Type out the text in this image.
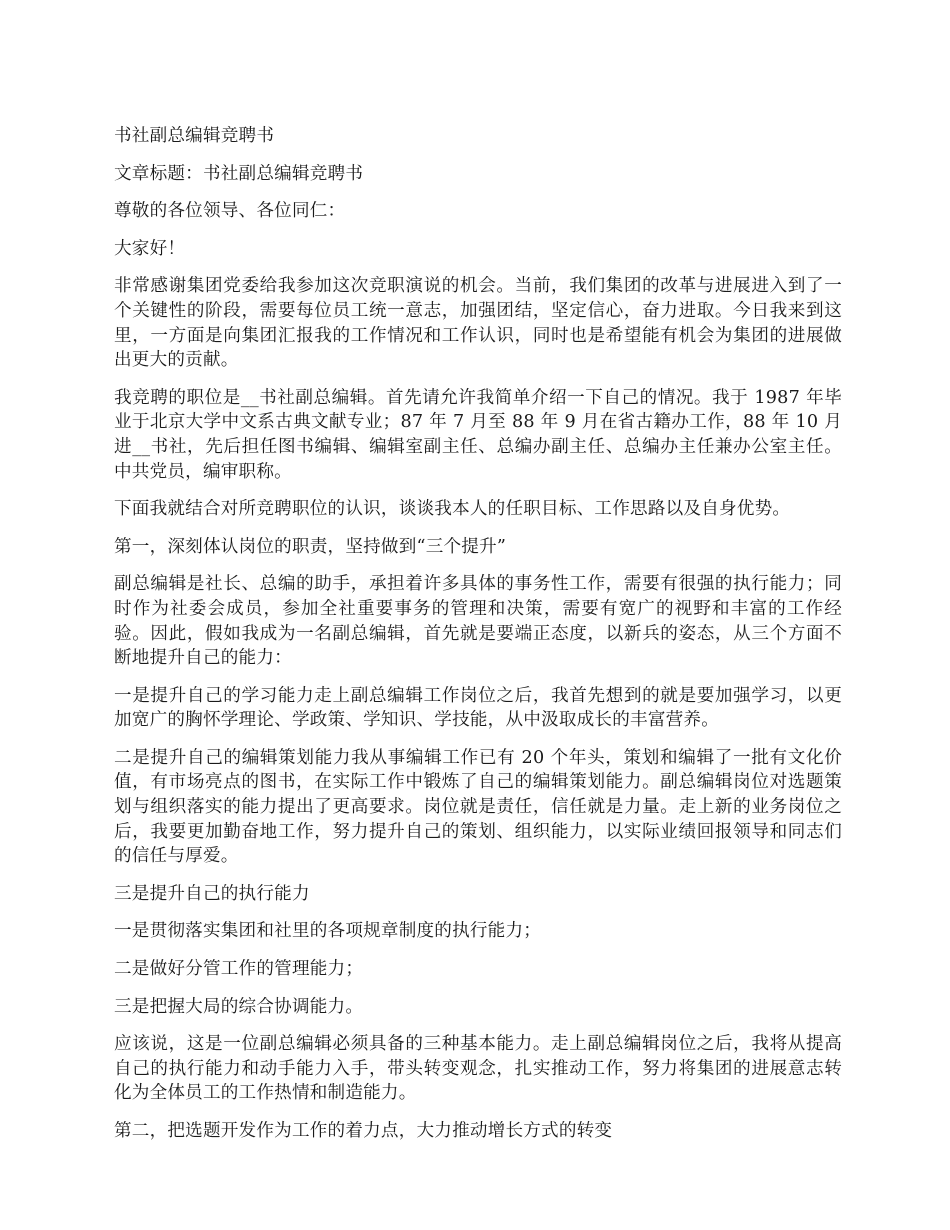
书社副总编辑竞聘书

文章标题：书社副总编辑竞聘书

尊敬的各位领导、各位同仁：

大家好！

非常感谢集团党委给我参加这次竞职演说的机会。当前，我们集团的改革与进展进入到了一个关键性的阶段，需要每位员工统一意志，加强团结，坚定信心，奋力进取。今日我来到这里，一方面是向集团汇报我的工作情况和工作认识，同时也是希望能有机会为集团的进展做出更大的贡献。

我竞聘的职位是__书社副总编辑。首先请允许我简单介绍一下自己的情况。我于 1987 年毕业于北京大学中文系古典文献专业；87 年 7 月至 88 年 9 月在省古籍办工作，88 年 10 月进__书社，先后担任图书编辑、编辑室副主任、总编办副主任、总编办主任兼办公室主任。中共党员，编审职称。

下面我就结合对所竞聘职位的认识，谈谈我本人的任职目标、工作思路以及自身优势。

第一，深刻体认岗位的职责，坚持做到“三个提升”

副总编辑是社长、总编的助手，承担着许多具体的事务性工作，需要有很强的执行能力；同时作为社委会成员，参加全社重要事务的管理和决策，需要有宽广的视野和丰富的工作经验。因此，假如我成为一名副总编辑，首先就是要端正态度，以新兵的姿态，从三个方面不断地提升自己的能力：

一是提升自己的学习能力走上副总编辑工作岗位之后，我首先想到的就是要加强学习，以更加宽广的胸怀学理论、学政策、学知识、学技能，从中汲取成长的丰富营养。

二是提升自己的编辑策划能力我从事编辑工作已有 20 个年头，策划和编辑了一批有文化价值，有市场亮点的图书，在实际工作中锻炼了自己的编辑策划能力。副总编辑岗位对选题策划与组织落实的能力提出了更高要求。岗位就是责任，信任就是力量。走上新的业务岗位之后，我要更加勤奋地工作，努力提升自己的策划、组织能力，以实际业绩回报领导和同志们的信任与厚爱。

三是提升自己的执行能力

一是贯彻落实集团和社里的各项规章制度的执行能力；

二是做好分管工作的管理能力；

三是把握大局的综合协调能力。

应该说，这是一位副总编辑必须具备的三种基本能力。走上副总编辑岗位之后，我将从提高自己的执行能力和动手能力入手，带头转变观念，扎实推动工作，努力将集团的进展意志转化为全体员工的工作热情和制造能力。

第二，把选题开发作为工作的着力点，大力推动增长方式的转变
